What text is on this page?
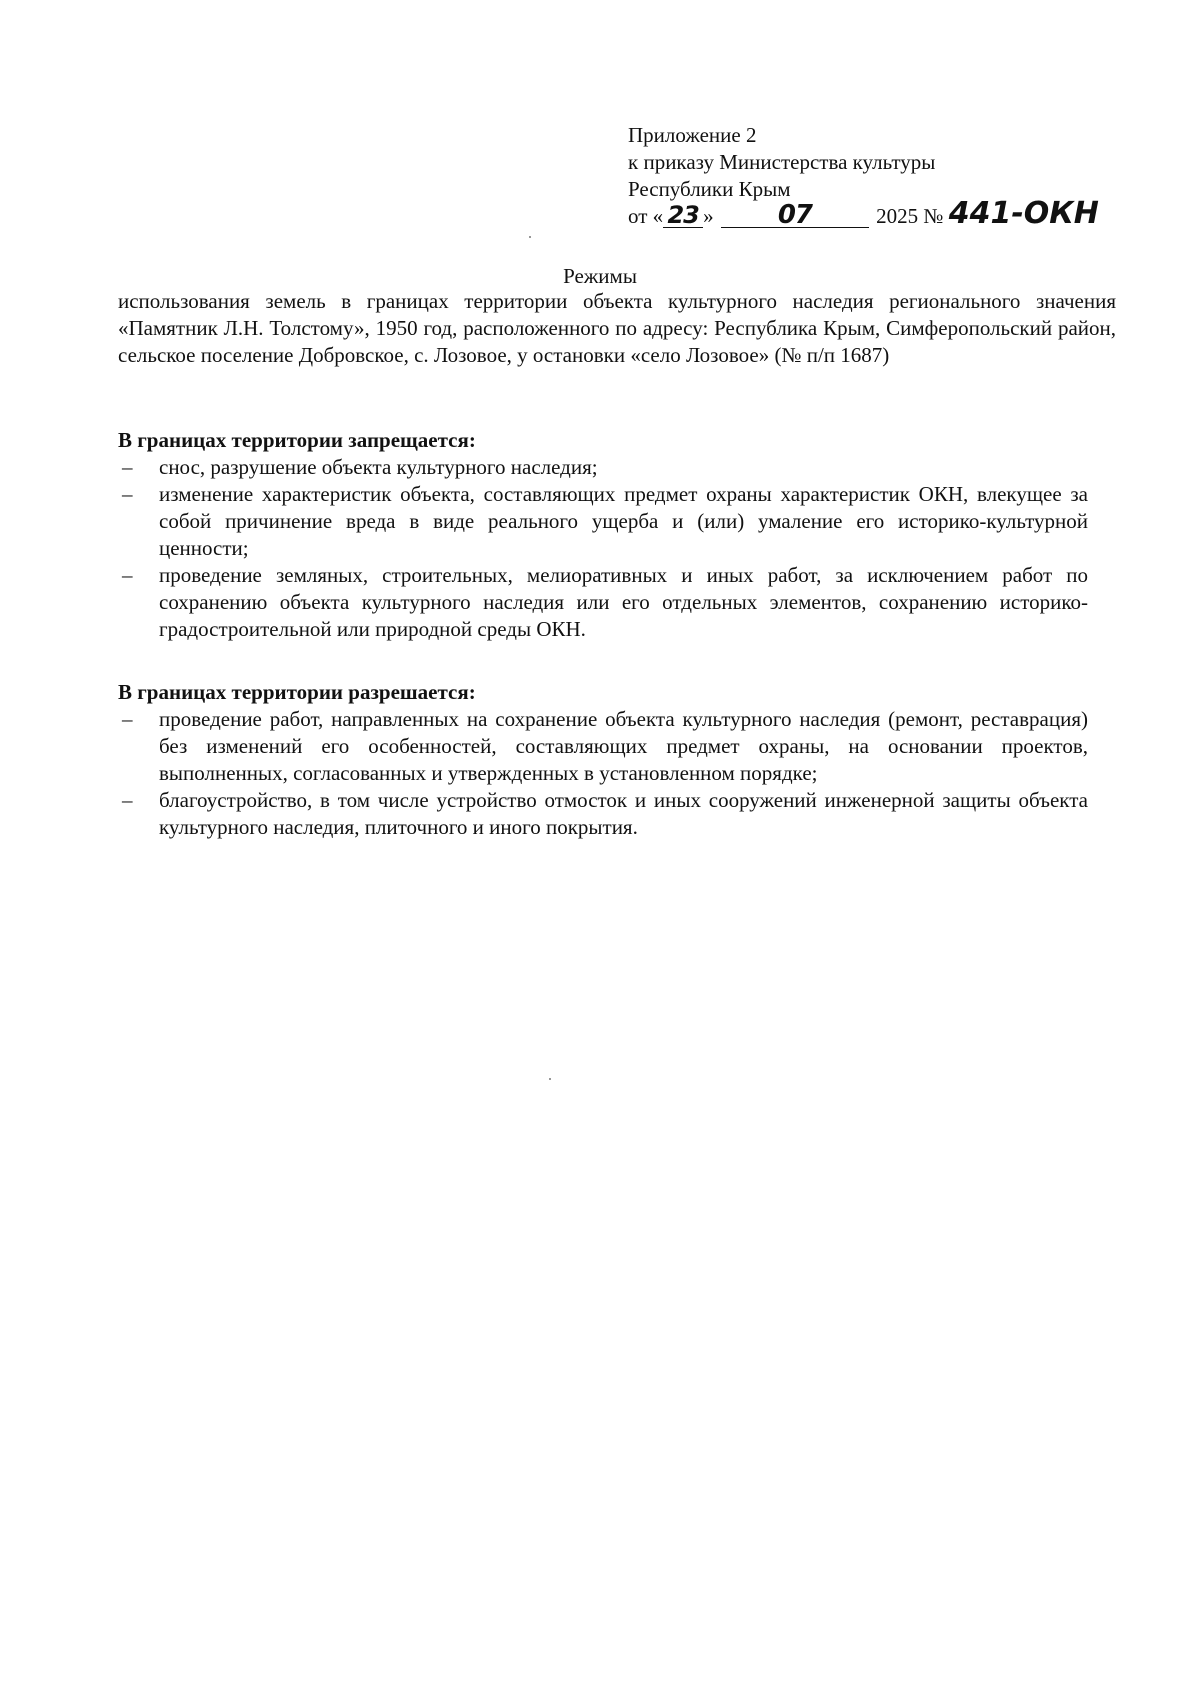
Приложение 2
к приказу Министерства культуры
Республики Крым
от « 23 » 07	2025 № 441-ОКН
Режимы
использования земель в границах территории объекта культурного наследия регионального значения «Памятник Л.Н. Толстому», 1950 год, расположенного по адресу: Республика Крым, Симферопольский район, сельское поселение Добровское, с. Лозовое, у остановки «село Лозовое» (№ п/п 1687)
В границах территории запрещается:
– снос, разрушение объекта культурного наследия;
– изменение характеристик объекта, составляющих предмет охраны характеристик ОКН, влекущее за собой причинение вреда в виде реального ущерба и (или) умаление его историко-культурной ценности;
– проведение земляных, строительных, мелиоративных и иных работ, за исключением работ по сохранению объекта культурного наследия или его отдельных элементов, сохранению историко-градостроительной или природной среды ОКН.
В границах территории разрешается:
– проведение работ, направленных на сохранение объекта культурного наследия (ремонт, реставрация) без изменений его особенностей, составляющих предмет охраны, на основании проектов, выполненных, согласованных и утвержденных в установленном порядке;
– благоустройство, в том числе устройство отмосток и иных сооружений инженерной защиты объекта культурного наследия, плиточного и иного покрытия.
